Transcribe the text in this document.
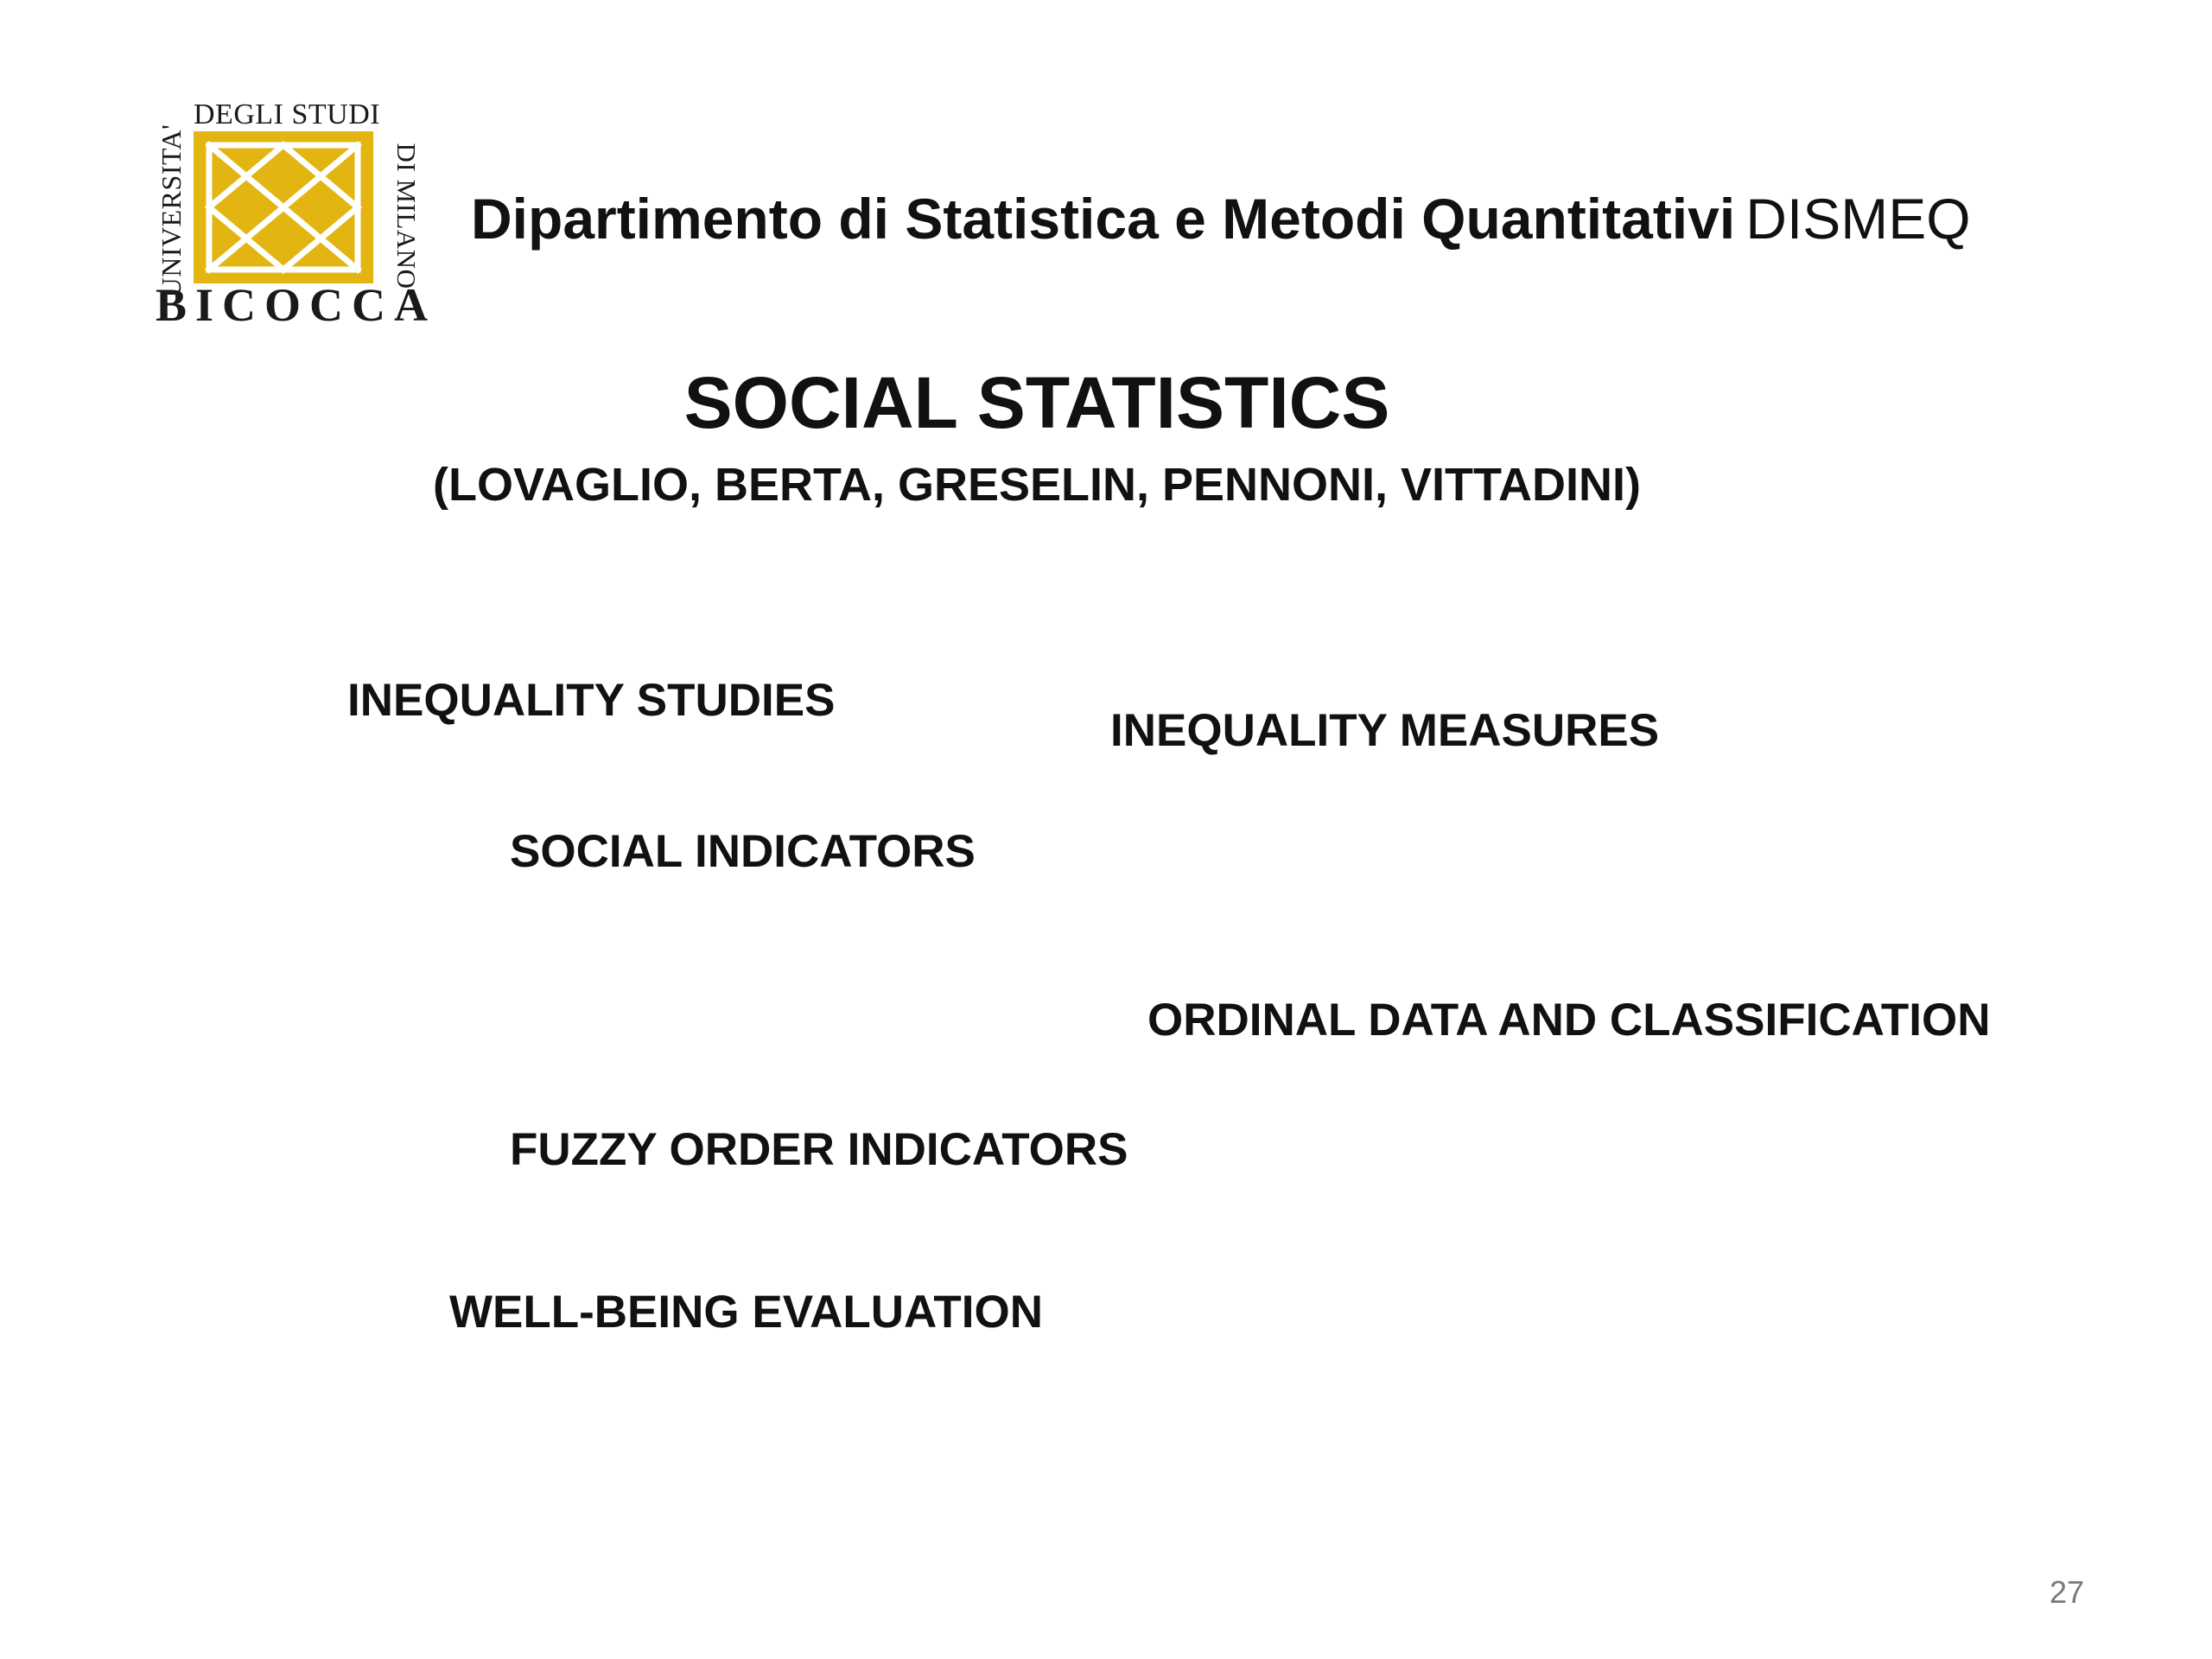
DEGLI STUDI
UNIVERSITA'	DI MILANO
BICOCCA
Dipartimento di Statistica e Metodi Quantitativi DISMEQ
SOCIAL STATISTICS
(LOVAGLIO, BERTA, GRESELIN, PENNONI, VITTADINI)
INEQUALITY STUDIES
INEQUALITY MEASURES
SOCIAL INDICATORS
ORDINAL DATA AND CLASSIFICATION
FUZZY ORDER INDICATORS
WELL-BEING EVALUATION
27
